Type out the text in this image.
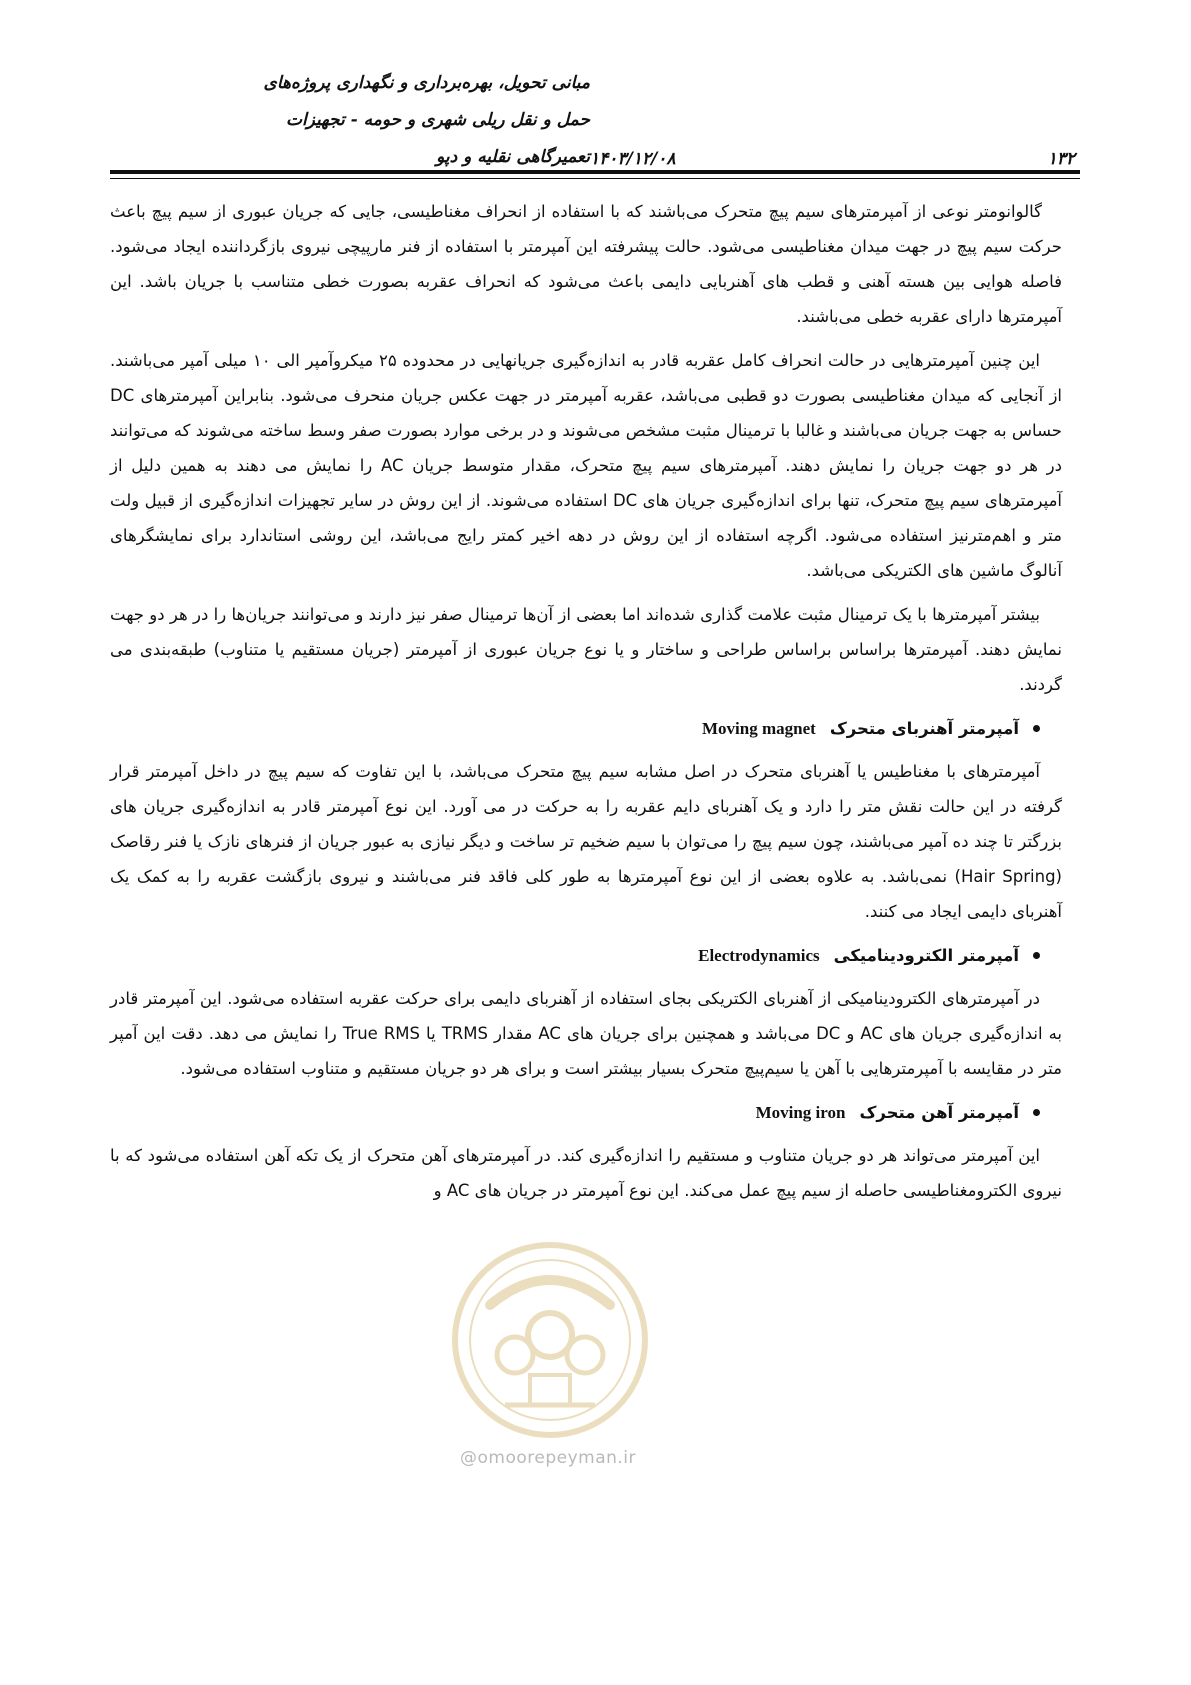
مبانی تحویل، بهره‌برداری و نگهداری پروژه‌های
حمل و نقل ریلی شهری و حومه - تجهیزات
تعمیرگاهی نقلیه و دپو ۱۴۰۳/۱۲/۰۸	۱۳۲

گالوانومتر نوعی از آمپرمترهای سیم پیچ متحرک می‌باشند که با استفاده از انحراف مغناطیسی، جایی که جریان عبوری از سیم پیچ باعث حرکت سیم پیچ در جهت میدان مغناطیسی می‌شود. حالت پیشرفته این آمپرمتر با استفاده از فنر مارپیچی نیروی بازگرداننده ایجاد می‌شود. فاصله هوایی بین هسته آهنی و قطب های آهنربایی دایمی باعث می‌شود که انحراف عقربه بصورت خطی متناسب با جریان باشد. این آمپرمترها دارای عقربه خطی می‌باشند.

این چنین آمپرمترهایی در حالت انحراف کامل عقربه قادر به اندازه‌گیری جریانهایی در محدوده ۲۵ میکروآمپر الی ۱۰ میلی آمپر می‌باشند. از آنجایی که میدان مغناطیسی بصورت دو قطبی می‌باشد، عقربه آمپرمتر در جهت عکس جریان منحرف می‌شود. بنابراین آمپرمترهای DC حساس به جهت جریان می‌باشند و غالبا با ترمینال مثبت مشخص می‌شوند و در برخی موارد بصورت صفر وسط ساخته می‌شوند که می‌توانند در هر دو جهت جریان را نمایش دهند. آمپرمترهای سیم پیچ متحرک، مقدار متوسط جریان AC را نمایش می دهند به همین دلیل از آمپرمترهای سیم پیچ متحرک، تنها برای اندازه‌گیری جریان های DC استفاده می‌شوند. از این روش در سایر تجهیزات اندازه‌گیری از قبیل ولت متر و اهم‌مترنیز استفاده می‌شود. اگرچه استفاده از این روش در دهه اخیر کمتر رایج می‌باشد، این روشی استاندارد برای نمایشگرهای آنالوگ ماشین های الکتریکی می‌باشد.

بیشتر آمپرمترها با یک ترمینال مثبت علامت گذاری شده‌اند اما بعضی از آن‌ها ترمینال صفر نیز دارند و می‌توانند جریان‌ها را در هر دو جهت نمایش دهند. آمپرمترها براساس براساس طراحی و ساختار و یا نوع جریان عبوری از آمپرمتر (جریان مستقیم یا متناوب) طبقه‌بندی می گردند.

آمپرمتر آهنربای متحرک
Moving magnet

آمپرمترهای با مغناطیس یا آهنربای متحرک در اصل مشابه سیم پیچ متحرک می‌باشد، با این تفاوت که سیم پیچ در داخل آمپرمتر قرار گرفته در این حالت نقش متر را دارد و یک آهنربای دایم عقربه را به حرکت در می آورد. این نوع آمپرمتر قادر به اندازه‌گیری جریان های بزرگتر تا چند ده آمپر می‌باشند، چون سیم پیچ را می‌توان با سیم ضخیم تر ساخت و دیگر نیازی به عبور جریان از فنرهای نازک یا فنر رقاصک (Hair Spring) نمی‌باشد. به علاوه بعضی از این نوع آمپرمترها به طور کلی فاقد فنر می‌باشند و نیروی بازگشت عقربه را به کمک یک آهنربای دایمی ایجاد می کنند.

آمپرمتر الکترودینامیکی
Electrodynamics

در آمپرمترهای الکترودینامیکی از آهنربای الکتریکی بجای استفاده از آهنربای دایمی برای حرکت عقربه استفاده می‌شود. این آمپرمتر قادر به اندازه‌گیری جریان های AC و DC می‌باشد و همچنین برای جریان های AC مقدار TRMS یا True RMS را نمایش می دهد. دقت این آمپر متر در مقایسه با آمپرمترهایی با آهن یا سیم‌پیچ متحرک بسیار بیشتر است و برای هر دو جریان مستقیم و متناوب استفاده می‌شود.

آمپرمتر آهن متحرک
Moving iron

این آمپرمتر می‌تواند هر دو جریان متناوب و مستقیم را اندازه‌گیری کند. در آمپرمترهای آهن متحرک از یک تکه آهن استفاده می‌شود که با نیروی الکترومغناطیسی حاصله از سیم پیچ عمل می‌کند. این نوع آمپرمتر در جریان های AC و

@omoorepeyman.ir
